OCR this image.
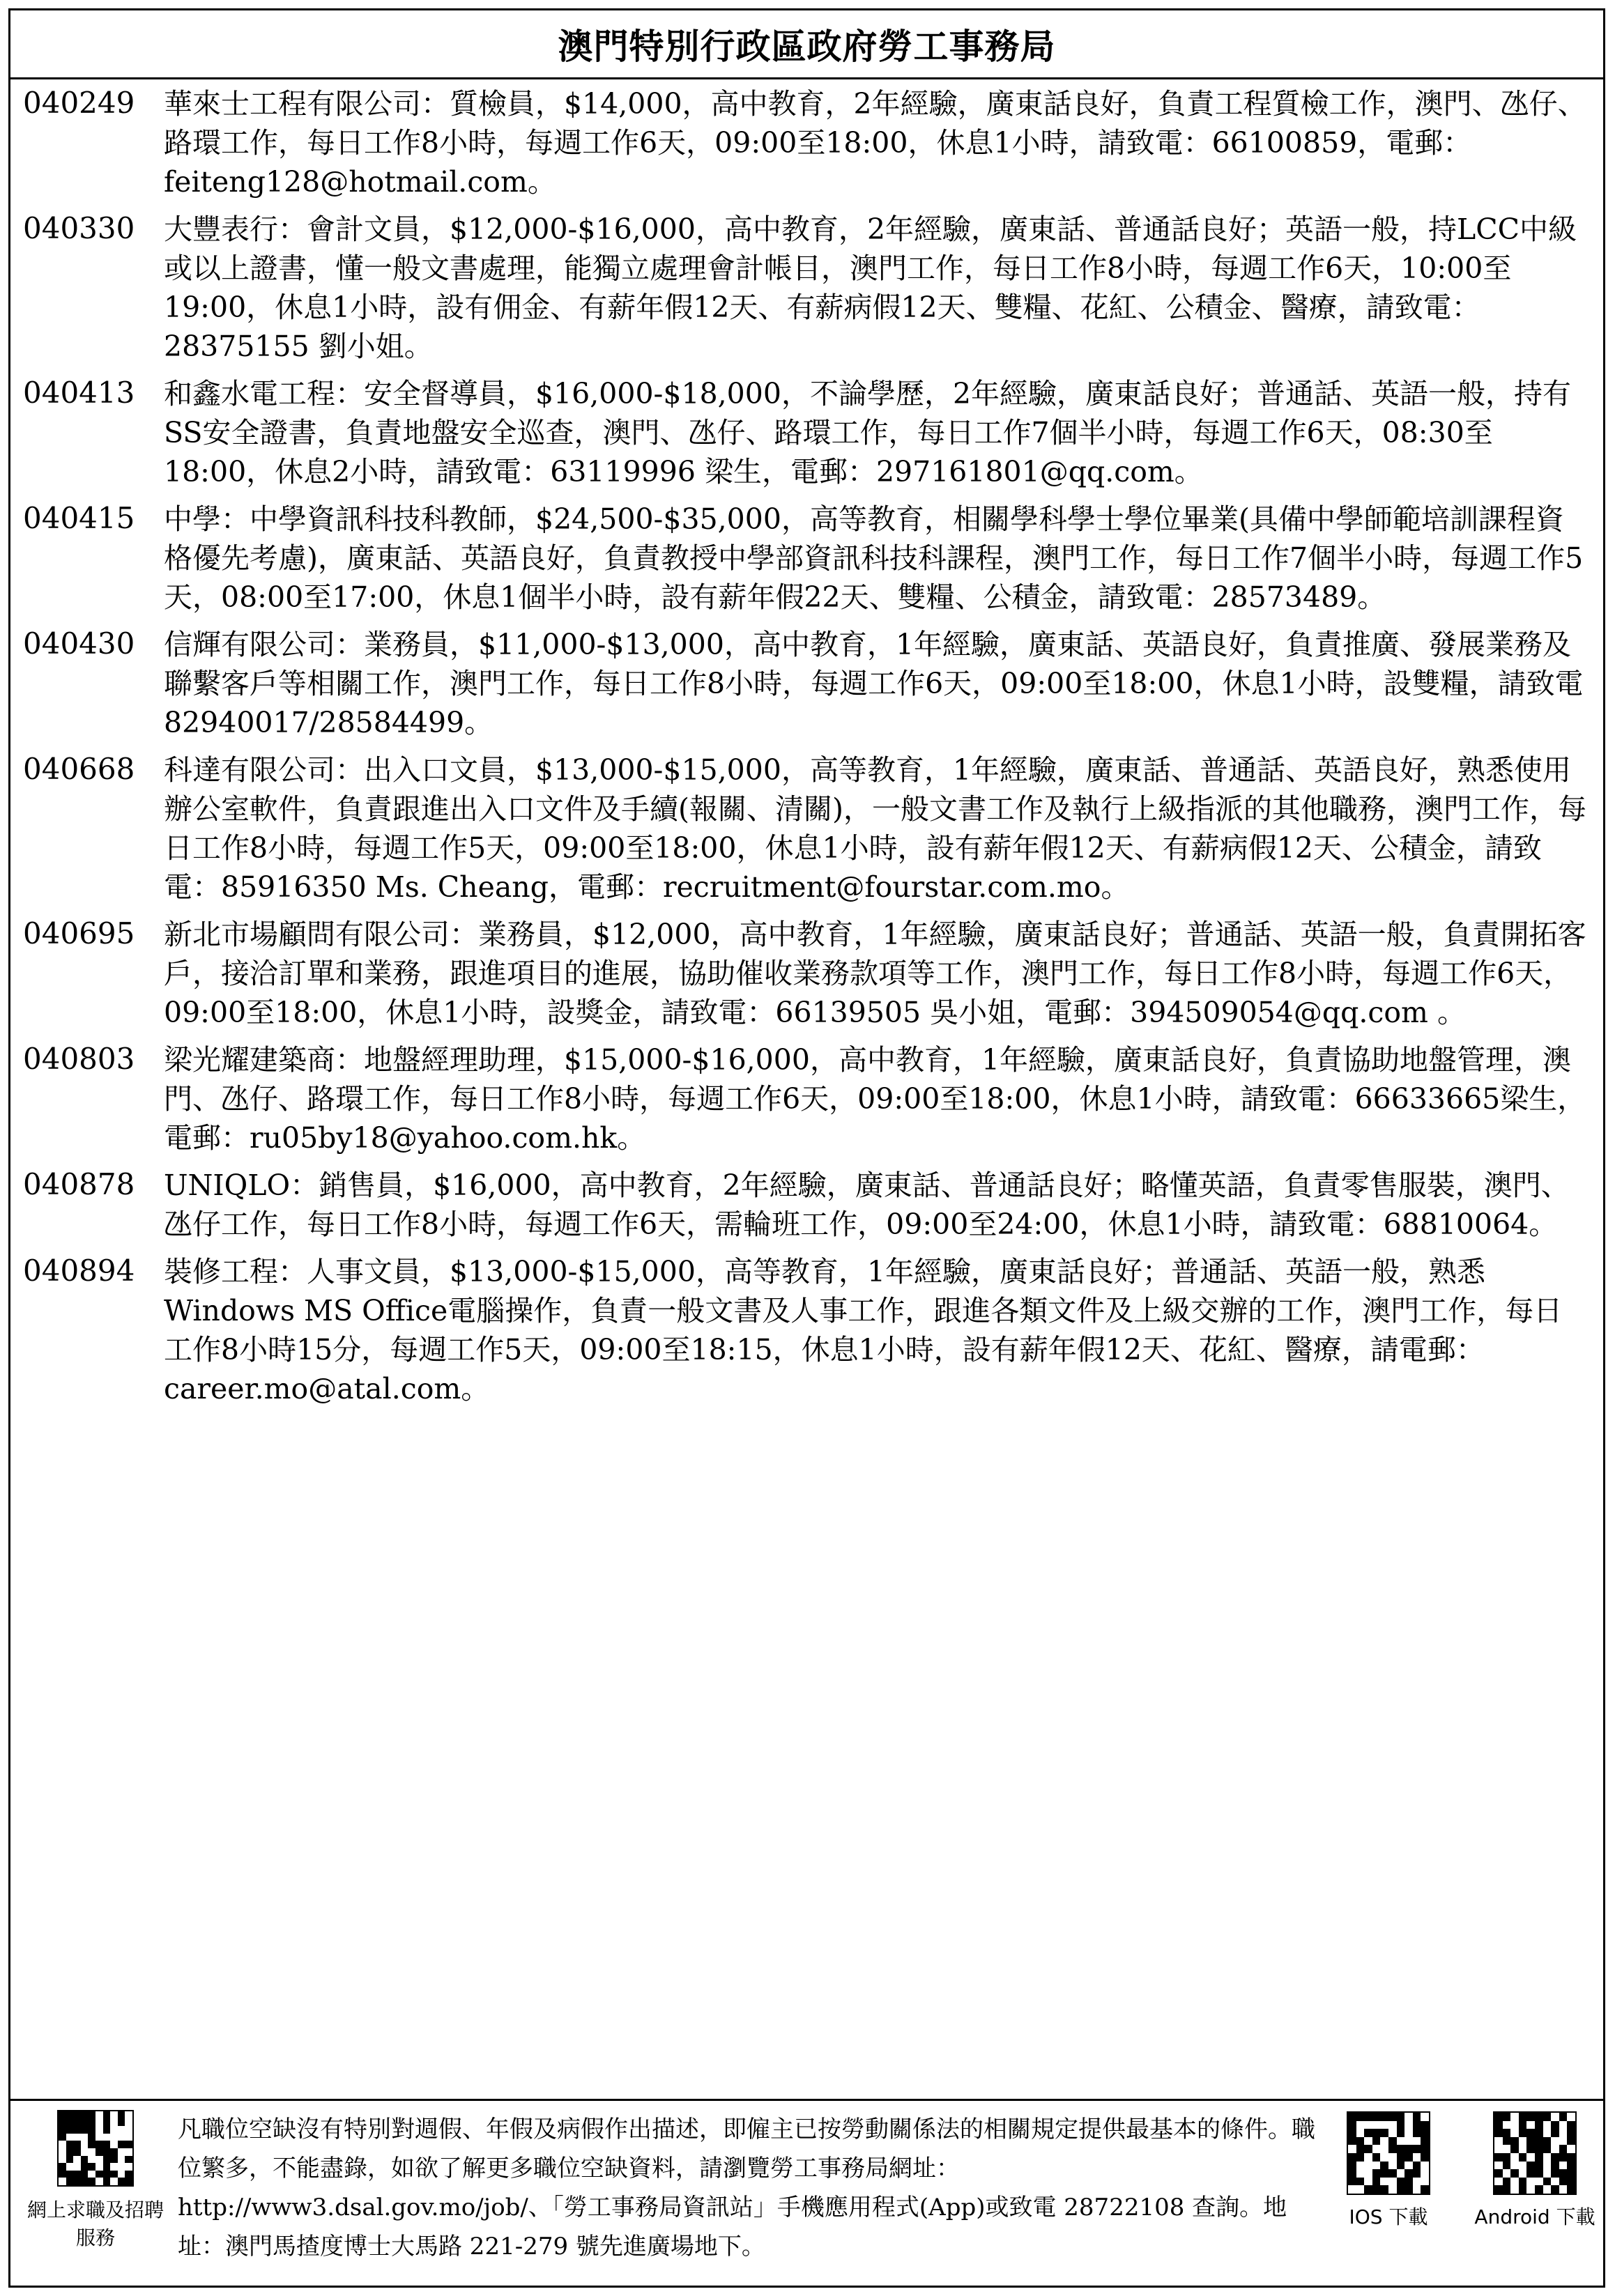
澳門特別行政區政府勞工事務局
040249	華來士工程有限公司：質檢員，$14,000，高中教育，2年經驗，廣東話良好，負責工程質檢工作，澳門、氹仔、路環工作，每日工作8小時，每週工作6天，09:00至18:00，休息1小時，請致電：66100859，電郵：feiteng128@hotmail.com。
040330	大豐表行：會計文員，$12,000-$16,000，高中教育，2年經驗，廣東話、普通話良好；英語一般，持LCC中級或以上證書，懂一般文書處理，能獨立處理會計帳目，澳門工作，每日工作8小時，每週工作6天，10:00至19:00，休息1小時，設有佣金、有薪年假12天、有薪病假12天、雙糧、花紅、公積金、醫療，請致電：28375155 劉小姐。
040413	和鑫水電工程：安全督導員，$16,000-$18,000，不論學歷，2年經驗，廣東話良好；普通話、英語一般，持有SS安全證書，負責地盤安全巡查，澳門、氹仔、路環工作，每日工作7個半小時，每週工作6天，08:30至18:00，休息2小時，請致電：63119996 梁生，電郵：297161801@qq.com。
040415	中學：中學資訊科技科教師，$24,500-$35,000，高等教育，相關學科學士學位畢業(具備中學師範培訓課程資格優先考慮)，廣東話、英語良好，負責教授中學部資訊科技科課程，澳門工作，每日工作7個半小時，每週工作5天，08:00至17:00，休息1個半小時，設有薪年假22天、雙糧、公積金，請致電：28573489。
040430	信輝有限公司：業務員，$11,000-$13,000，高中教育，1年經驗，廣東話、英語良好，負責推廣、發展業務及聯繫客戶等相關工作，澳門工作，每日工作8小時，每週工作6天，09:00至18:00，休息1小時，設雙糧，請致電 82940017/28584499。
040668	科達有限公司：出入口文員，$13,000-$15,000，高等教育，1年經驗，廣東話、普通話、英語良好，熟悉使用辦公室軟件，負責跟進出入口文件及手續(報關、清關)，一般文書工作及執行上級指派的其他職務，澳門工作，每日工作8小時，每週工作5天，09:00至18:00，休息1小時，設有薪年假12天、有薪病假12天、公積金，請致電：85916350 Ms. Cheang，電郵：recruitment@fourstar.com.mo。
040695	新北市場顧問有限公司：業務員，$12,000，高中教育，1年經驗，廣東話良好；普通話、英語一般，負責開拓客戶，接洽訂單和業務，跟進項目的進展，協助催收業務款項等工作，澳門工作，每日工作8小時，每週工作6天，09:00至18:00，休息1小時，設獎金，請致電：66139505 吳小姐，電郵：394509054@qq.com 。
040803	梁光耀建築商：地盤經理助理，$15,000-$16,000，高中教育，1年經驗，廣東話良好，負責協助地盤管理，澳門、氹仔、路環工作，每日工作8小時，每週工作6天，09:00至18:00，休息1小時，請致電：66633665梁生，電郵：ru05by18@yahoo.com.hk。
040878	UNIQLO：銷售員，$16,000，高中教育，2年經驗，廣東話、普通話良好；略懂英語，負責零售服裝，澳門、氹仔工作，每日工作8小時，每週工作6天，需輪班工作，09:00至24:00，休息1小時，請致電：68810064。
040894	裝修工程：人事文員，$13,000-$15,000，高等教育，1年經驗，廣東話良好；普通話、英語一般，熟悉Windows MS Office電腦操作，負責一般文書及人事工作，跟進各類文件及上級交辦的工作，澳門工作，每日工作8小時15分，每週工作5天，09:00至18:15，休息1小時，設有薪年假12天、花紅、醫療，請電郵：career.mo@atal.com。
網上求職及招聘服務
凡職位空缺沒有特別對週假、年假及病假作出描述，即僱主已按勞動關係法的相關規定提供最基本的條件。職位繁多，不能盡錄，如欲了解更多職位空缺資料，請瀏覽勞工事務局網址：http://www3.dsal.gov.mo/job/、「勞工事務局資訊站」手機應用程式(App)或致電 28722108 查詢。地址：澳門馬揸度博士大馬路 221-279 號先進廣場地下。
IOS 下載 Android 下載
